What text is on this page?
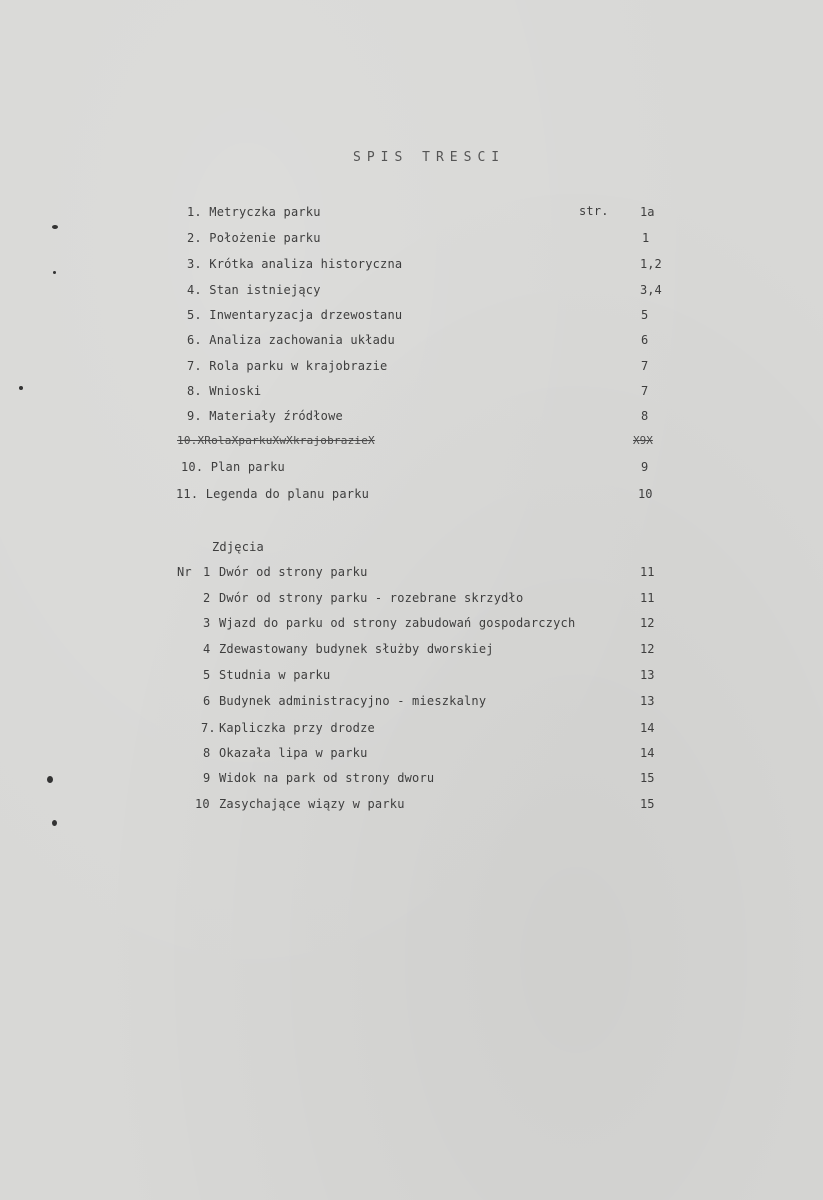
SPIS TRESCI
str.
1. Metryczka parku	1a
2. Położenie parku	1
3. Krótka analiza historyczna	1,2
4. Stan istniejący	3,4
5. Inwentaryzacja drzewostanu	5
6. Analiza zachowania układu	6
7. Rola parku w krajobrazie	7
8. Wnioski	7
9. Materiały źródłowe	8
10.XRolaXparkuXwXkrajobrazieX	X9X
10. Plan parku	9
11. Legenda do planu parku	10
Zdjęcia
Nr 1 Dwór od strony parku	11
2 Dwór od strony parku - rozebrane skrzydło	11
3 Wjazd do parku od strony zabudowań gospodarczych	12
4 Zdewastowany budynek służby dworskiej	12
5 Studnia w parku	13
6 Budynek administracyjno - mieszkalny	13
7. Kapliczka przy drodze	14
8 Okazała lipa w parku	14
9 Widok na park od strony dworu	15
10 Zasychające wiązy w parku	15
